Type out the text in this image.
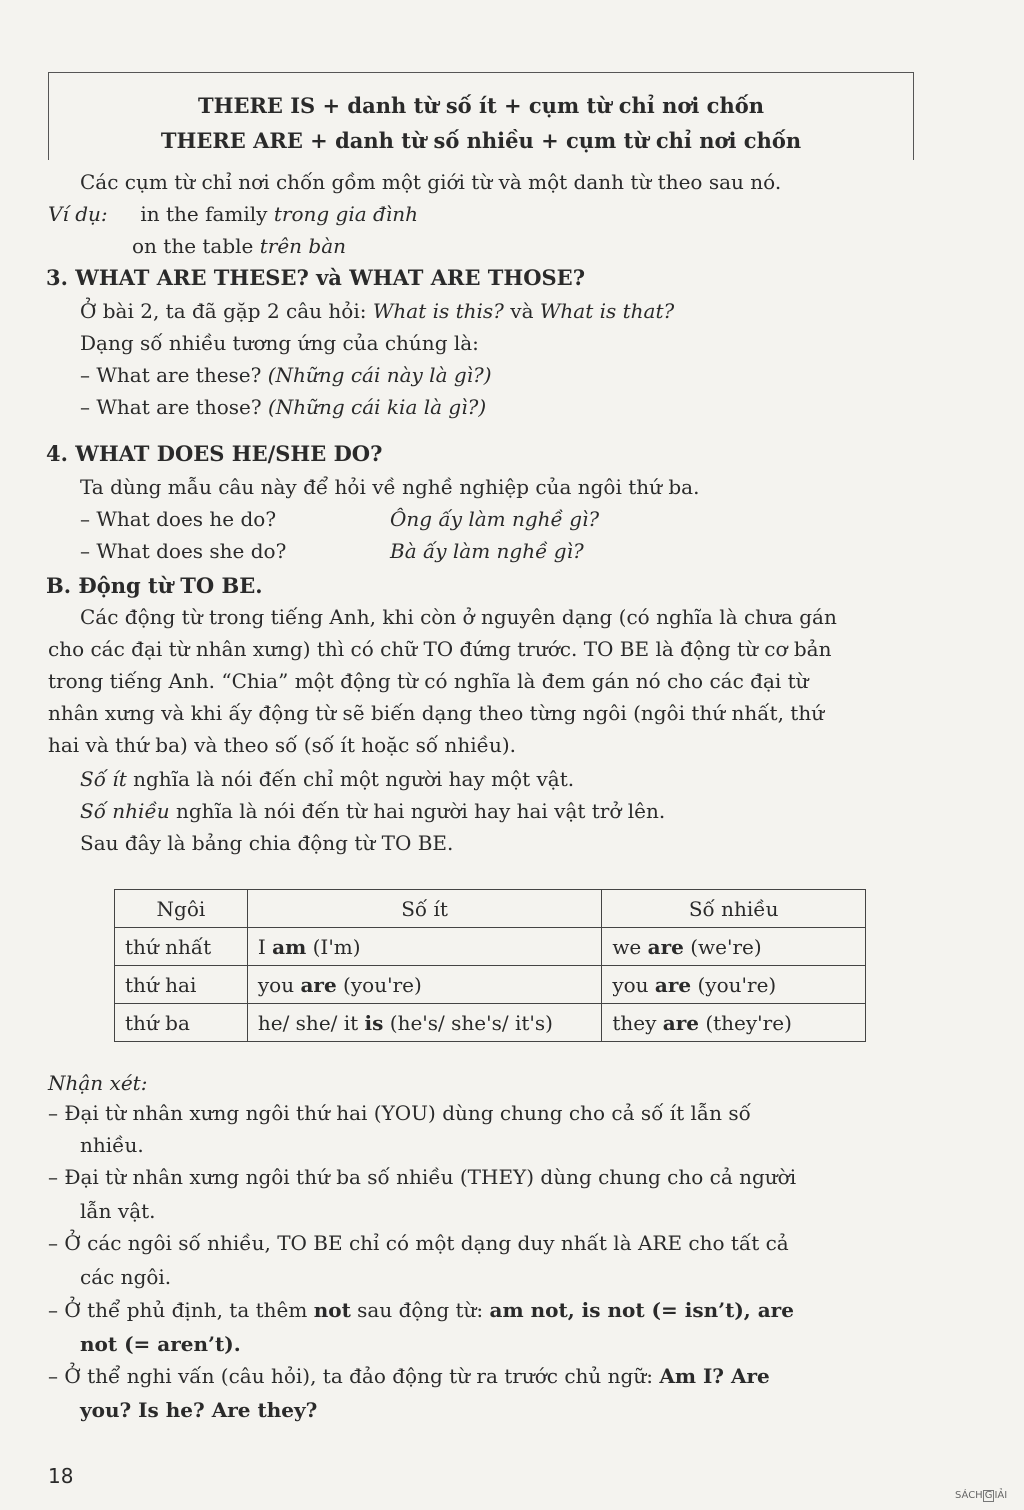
THERE IS + danh từ số ít + cụm từ chỉ nơi chốn
THERE ARE + danh từ số nhiều + cụm từ chỉ nơi chốn
Các cụm từ chỉ nơi chốn gồm một giới từ và một danh từ theo sau nó.
Ví dụ: in the family trong gia đình
on the table trên bàn
3. WHAT ARE THESE? và WHAT ARE THOSE?
Ở bài 2, ta đã gặp 2 câu hỏi: What is this? và What is that?
Dạng số nhiều tương ứng của chúng là:
– What are these? (Những cái này là gì?)
– What are those? (Những cái kia là gì?)
4. WHAT DOES HE/SHE DO?
Ta dùng mẫu câu này để hỏi về nghề nghiệp của ngôi thứ ba.
– What does he do?	Ông ấy làm nghề gì?
– What does she do?	Bà ấy làm nghề gì?
B. Động từ TO BE.
Các động từ trong tiếng Anh, khi còn ở nguyên dạng (có nghĩa là chưa gán
cho các đại từ nhân xưng) thì có chữ TO đứng trước. TO BE là động từ cơ bản
trong tiếng Anh. “Chia” một động từ có nghĩa là đem gán nó cho các đại từ
nhân xưng và khi ấy động từ sẽ biến dạng theo từng ngôi (ngôi thứ nhất, thứ
hai và thứ ba) và theo số (số ít hoặc số nhiều).
Số ít nghĩa là nói đến chỉ một người hay một vật.
Số nhiều nghĩa là nói đến từ hai người hay hai vật trở lên.
Sau đây là bảng chia động từ TO BE.
Ngôi	Số ít	Số nhiều
thứ nhất	I am (I'm)	we are (we're)
thứ hai	you are (you're)	you are (you're)
thứ ba	he/ she/ it is (he's/ she's/ it's)	they are (they're)
Nhận xét:
– Đại từ nhân xưng ngôi thứ hai (YOU) dùng chung cho cả số ít lẫn số
nhiều.
– Đại từ nhân xưng ngôi thứ ba số nhiều (THEY) dùng chung cho cả người
lẫn vật.
– Ở các ngôi số nhiều, TO BE chỉ có một dạng duy nhất là ARE cho tất cả
các ngôi.
– Ở thể phủ định, ta thêm not sau động từ: am not, is not (= isn’t), are
not (= aren’t).
– Ở thể nghi vấn (câu hỏi), ta đảo động từ ra trước chủ ngữ: Am I? Are
you? Is he? Are they?
18
SÁCH G IẢI
